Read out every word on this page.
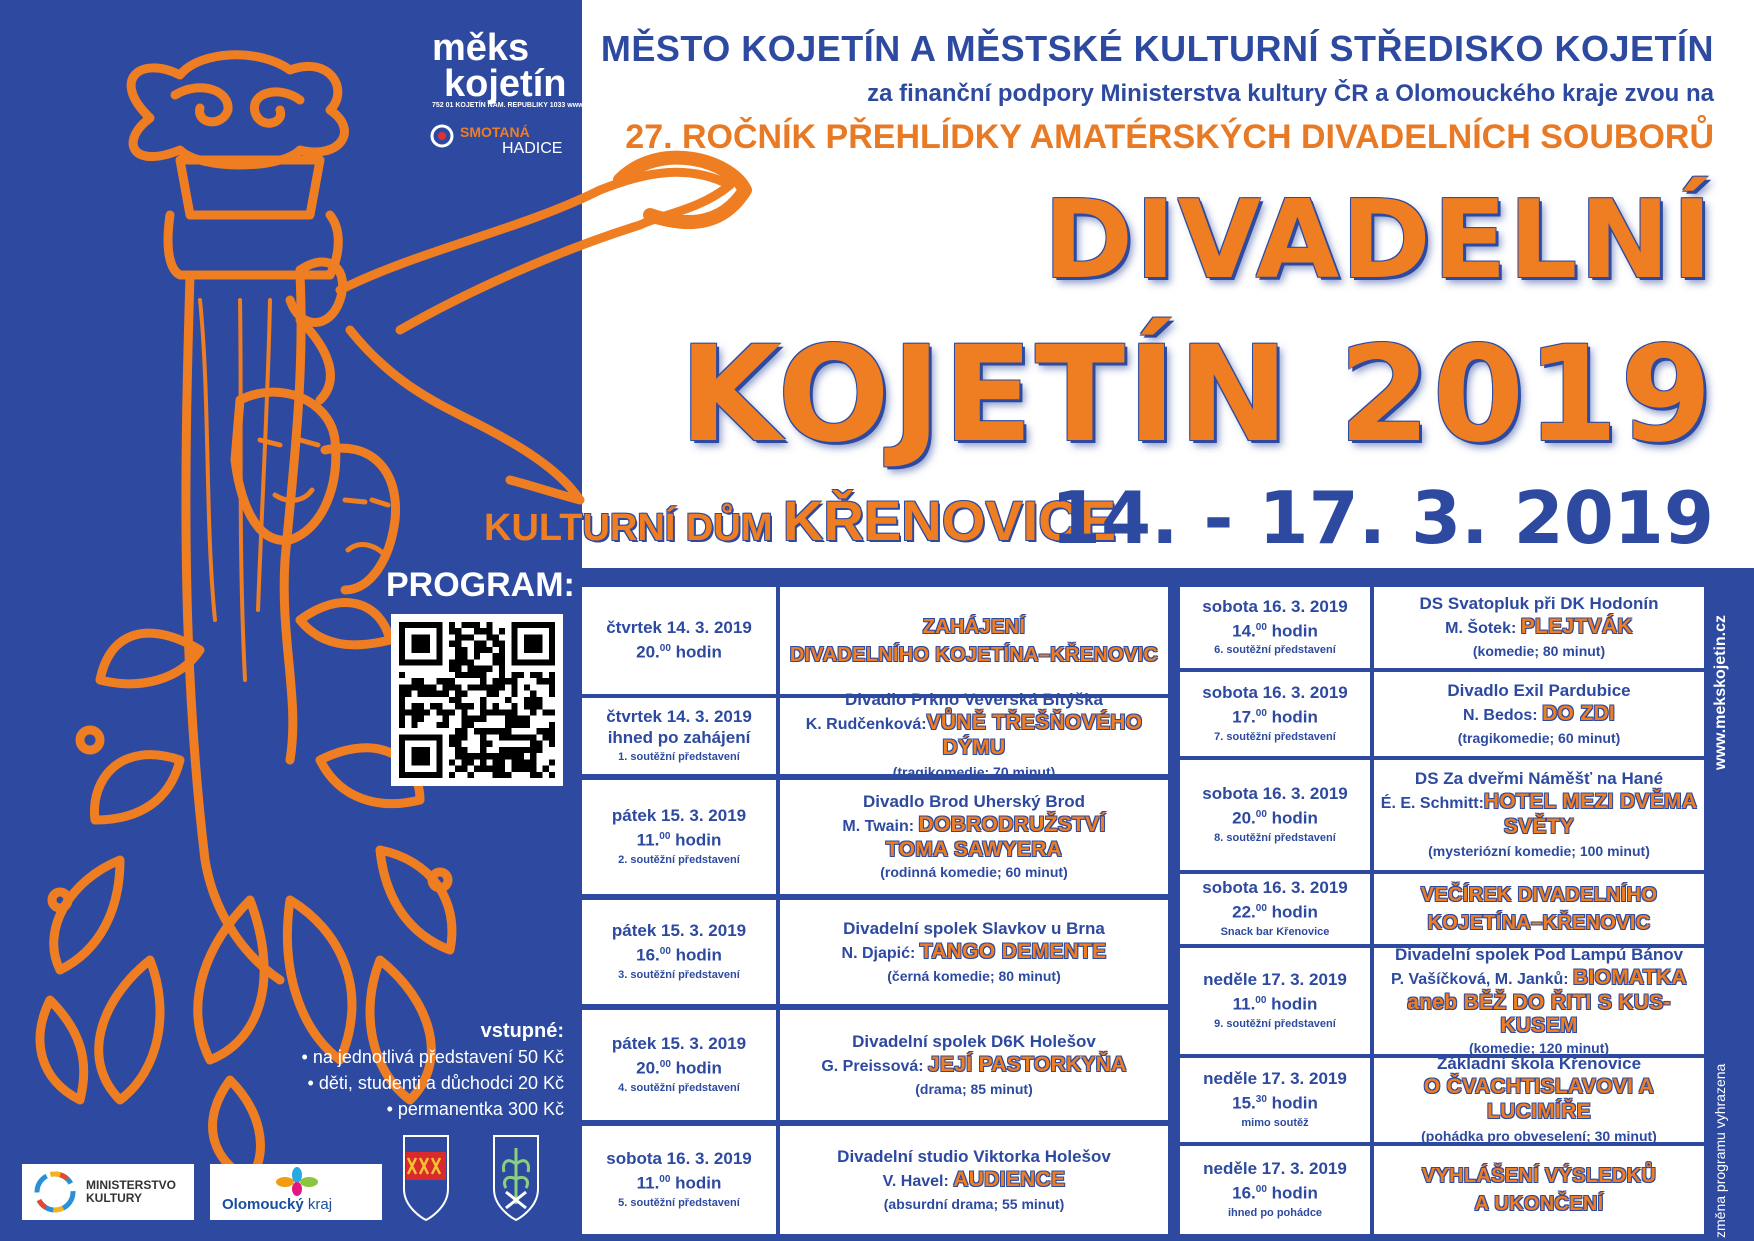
měks
kojetín
752 01 KOJETÍN NÁM. REPUBLIKY 1033 www.mekskojetin.cz
SMOTANÁ
HADICE
MĚSTO KOJETÍN A MĚSTSKÉ KULTURNÍ STŘEDISKO KOJETÍN
za finanční podpory Ministerstva kultury ČR a Olomouckého kraje zvou na
27. ROČNÍK PŘEHLÍDKY AMATÉRSKÝCH DIVADELNÍCH SOUBORŮ
DIVADELNÍ
KOJETÍN 2019
KULTURNÍ DŮM KŘENOVICE
14. - 17. 3. 2019
PROGRAM:
vstupné:
• na jednotlivá představení 50 Kč
• děti, studenti a důchodci 20 Kč
• permanentka 300 Kč
MINISTERSTVO
KULTURY	Olomoucký kraj
čtvrtek 14. 3. 2019
20.00 hodin
ZAHÁJENÍ
DIVADELNÍHO KOJETÍNA–KŘENOVIC
čtvrtek 14. 3. 2019
ihned po zahájení
1. soutěžní představení
Divadlo Prkno Veverská Bítýška
K. Rudčenková:VŮNĚ TŘEŠŇOVÉHO DÝMU
(tragikomedie; 70 minut)
pátek 15. 3. 2019
11.00 hodin
2. soutěžní představení
Divadlo Brod Uherský Brod
M. Twain: DOBRODRUŽSTVÍ
TOMA SAWYERA
(rodinná komedie; 60 minut)
pátek 15. 3. 2019
16.00 hodin
3. soutěžní představení
Divadelní spolek Slavkov u Brna
N. Djapić: TANGO DEMENTE
(černá komedie; 80 minut)
pátek 15. 3. 2019
20.00 hodin
4. soutěžní představení
Divadelní spolek D6K Holešov
G. Preissová: JEJÍ PASTORKYŇA
(drama; 85 minut)
sobota 16. 3. 2019
11.00 hodin
5. soutěžní představení
Divadelní studio Viktorka Holešov
V. Havel: AUDIENCE
(absurdní drama; 55 minut)
sobota 16. 3. 2019
14.00 hodin
6. soutěžní představení
DS Svatopluk při DK Hodonín
M. Šotek: PLEJTVÁK
(komedie; 80 minut)
sobota 16. 3. 2019
17.00 hodin
7. soutěžní představení
Divadlo Exil Pardubice
N. Bedos: DO ZDI
(tragikomedie; 60 minut)
sobota 16. 3. 2019
20.00 hodin
8. soutěžní představení
DS Za dveřmi Náměšť na Hané
É. E. Schmitt:HOTEL MEZI DVĚMA SVĚTY
(mysteriózní komedie; 100 minut)
sobota 16. 3. 2019
22.00 hodin
Snack bar Křenovice
VEČÍREK DIVADELNÍHO
KOJETÍNA–KŘENOVIC
neděle 17. 3. 2019
11.00 hodin
9. soutěžní představení
Divadelní spolek Pod Lampú Bánov
P. Vašíčková, M. Janků: BIOMATKA
aneb BĚŽ DO ŘITI S KUS-KUSEM
(komedie; 120 minut)
neděle 17. 3. 2019
15.30 hodin
mimo soutěž
Základní škola Křenovice
O ČVACHTISLAVOVI A LUCIMÍŘE
(pohádka pro obveselení; 30 minut)
neděle 17. 3. 2019
16.00 hodin
ihned po pohádce
VYHLÁŠENÍ VÝSLEDKŮ
A UKONČENÍ
www.mekskojetin.cz
změna programu vyhrazena
